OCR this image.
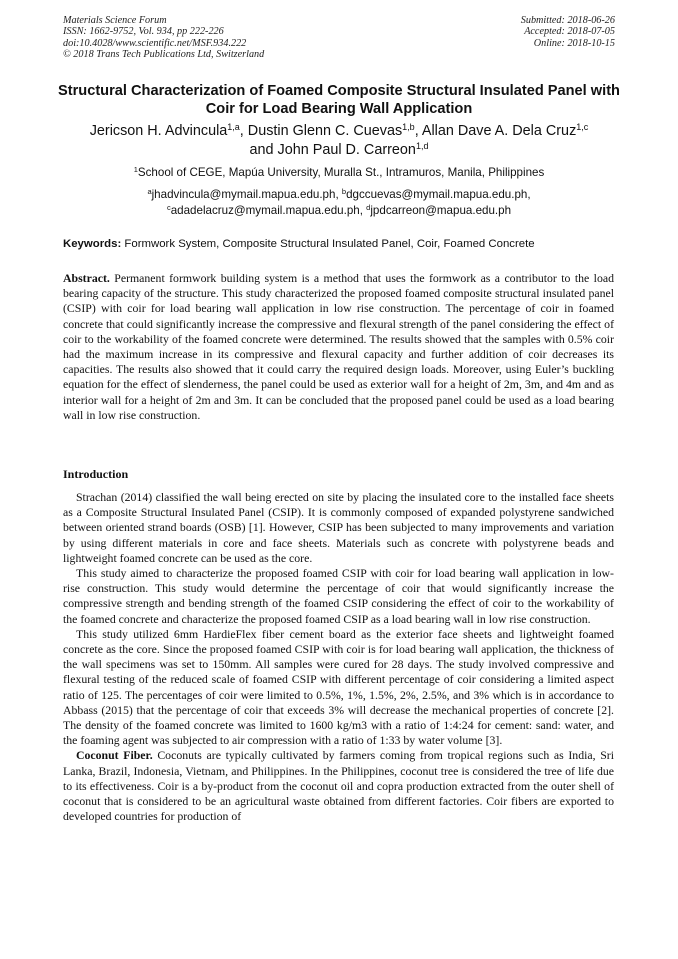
Materials Science Forum
ISSN: 1662-9752, Vol. 934, pp 222-226
doi:10.4028/www.scientific.net/MSF.934.222
© 2018 Trans Tech Publications Ltd, Switzerland
Submitted: 2018-06-26
Accepted: 2018-07-05
Online: 2018-10-15
Structural Characterization of Foamed Composite Structural Insulated Panel with Coir for Load Bearing Wall Application
Jericson H. Advincula$^{1,a}$, Dustin Glenn C. Cuevas$^{1,b}$, Allan Dave A. Dela Cruz$^{1,c}$
and John Paul D. Carreon$^{1,d}$
$^1$School of CEGE, Mapúa University, Muralla St., Intramuros, Manila, Philippines
$^a$jhadvincula@mymail.mapua.edu.ph, $^b$dgccuevas@mymail.mapua.edu.ph,
$^c$adadelacruz@mymail.mapua.edu.ph, $^d$jpdcarreon@mapua.edu.ph
Keywords: Formwork System, Composite Structural Insulated Panel, Coir, Foamed Concrete
Abstract. Permanent formwork building system is a method that uses the formwork as a contributor to the load bearing capacity of the structure. This study characterized the proposed foamed composite structural insulated panel (CSIP) with coir for load bearing wall application in low rise construction. The percentage of coir in foamed concrete that could significantly increase the compressive and flexural strength of the panel considering the effect of coir to the workability of the foamed concrete were determined. The results showed that the samples with 0.5% coir had the maximum increase in its compressive and flexural capacity and further addition of coir decreases its capacities. The results also showed that it could carry the required design loads. Moreover, using Euler’s buckling equation for the effect of slenderness, the panel could be used as exterior wall for a height of 2m, 3m, and 4m and as interior wall for a height of 2m and 3m. It can be concluded that the proposed panel could be used as a load bearing wall in low rise construction.
Introduction

Strachan (2014) classified the wall being erected on site by placing the insulated core to the installed face sheets as a Composite Structural Insulated Panel (CSIP). It is commonly composed of expanded polystyrene sandwiched between oriented strand boards (OSB) [1]. However, CSIP has been subjected to many improvements and variation by using different materials in core and face sheets. Materials such as concrete with polystyrene beads and lightweight foamed concrete can be used as the core.

This study aimed to characterize the proposed foamed CSIP with coir for load bearing wall application in low-rise construction. This study would determine the percentage of coir that would significantly increase the compressive strength and bending strength of the foamed CSIP considering the effect of coir to the workability of the foamed concrete and characterize the proposed foamed CSIP as a load bearing wall in low rise construction.

This study utilized 6mm HardieFlex fiber cement board as the exterior face sheets and lightweight foamed concrete as the core. Since the proposed foamed CSIP with coir is for load bearing wall application, the thickness of the wall specimens was set to 150mm. All samples were cured for 28 days. The study involved compressive and flexural testing of the reduced scale of foamed CSIP with different percentage of coir considering a limited aspect ratio of 125. The percentages of coir were limited to 0.5%, 1%, 1.5%, 2%, 2.5%, and 3% which is in accordance to Abbass (2015) that the percentage of coir that exceeds 3% will decrease the mechanical properties of concrete [2]. The density of the foamed concrete was limited to 1600 kg/m3 with a ratio of 1:4:24 for cement: sand: water, and the foaming agent was subjected to air compression with a ratio of 1:33 by water volume [3].

Coconut Fiber. Coconuts are typically cultivated by farmers coming from tropical regions such as India, Sri Lanka, Brazil, Indonesia, Vietnam, and Philippines. In the Philippines, coconut tree is considered the tree of life due to its effectiveness. Coir is a by-product from the coconut oil and copra production extracted from the outer shell of coconut that is considered to be an agricultural waste obtained from different factories. Coir fibers are exported to developed countries for production of
